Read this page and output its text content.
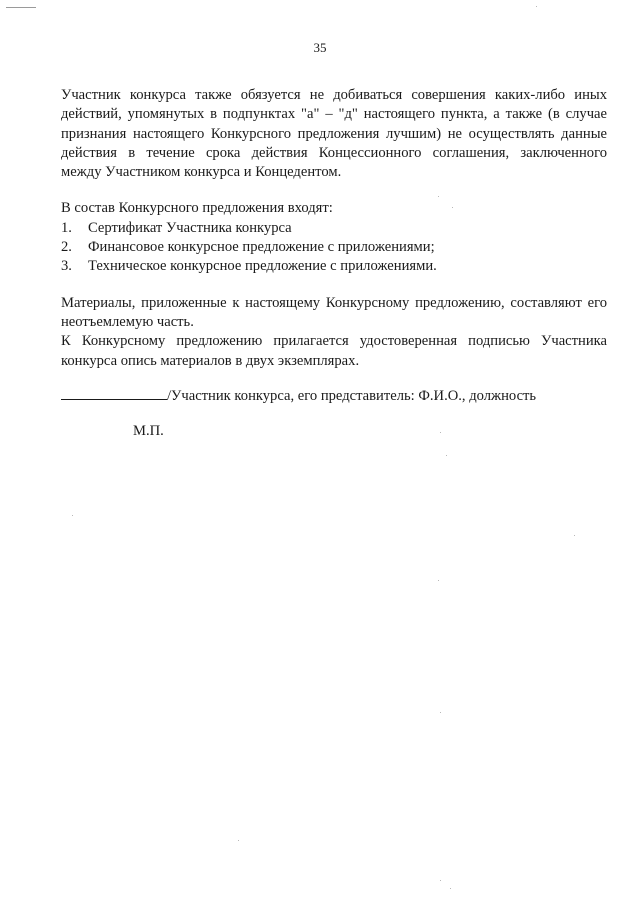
35
Участник конкурса также обязуется не добиваться совершения каких-либо иных
действий, упомянутых в подпунктах "а" – "д" настоящего пункта, а также (в случае
признания настоящего Конкурсного предложения лучшим) не осуществлять данные
действия в течение срока действия Концессионного соглашения, заключенного
между Участником конкурса и Концедентом.

В состав Конкурсного предложения входят:

1.	Сертификат Участника конкурса
2.	Финансовое конкурсное предложение с приложениями;
3.	Техническое конкурсное предложение с приложениями.
Материалы, приложенные к настоящему Конкурсному предложению, составляют его
неотъемлемую часть.
К Конкурсному предложению прилагается удостоверенная подписью Участника
конкурса опись материалов в двух экземплярах.
/Участник конкурса, его представитель: Ф.И.О., должность
М.П.
